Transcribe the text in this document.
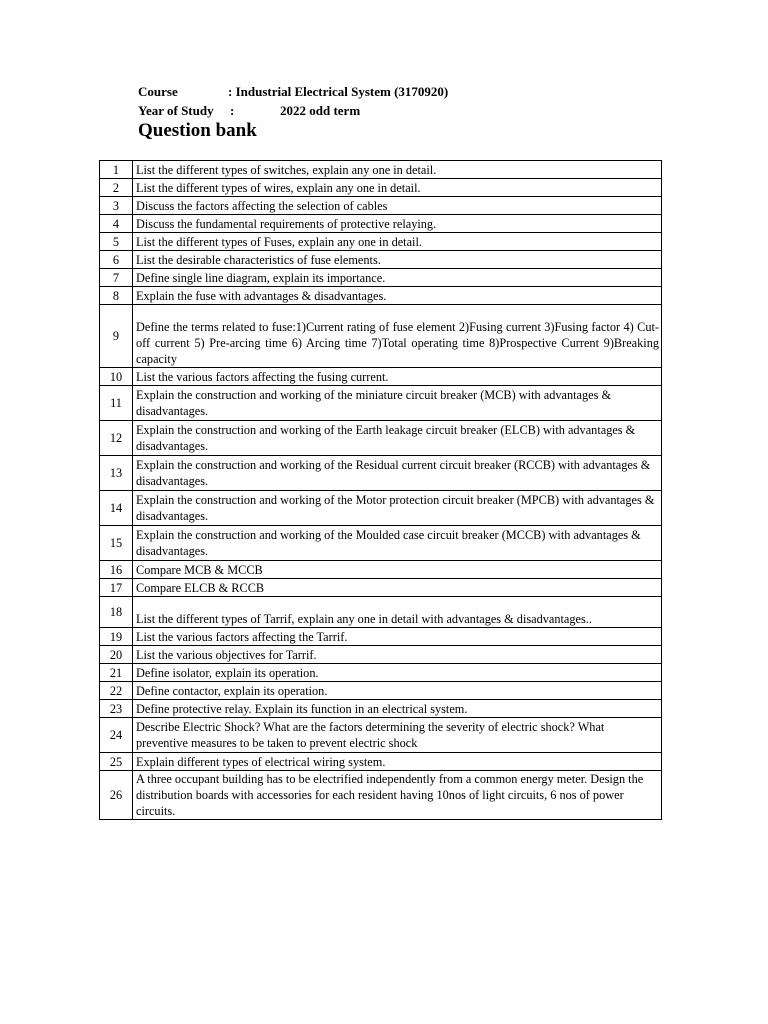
Course	: Industrial Electrical System (3170920)
Year of Study :	2022 odd term
Question bank
1	List the different types of switches, explain any one in detail.
2	List the different types of wires, explain any one in detail.
3	Discuss the factors affecting the selection of cables
4	Discuss the fundamental requirements of protective relaying.
5	List the different types of Fuses, explain any one in detail.
6	List the desirable characteristics of fuse elements.
7	Define single line diagram, explain its importance.
8	Explain the fuse with advantages & disadvantages.
9	Define the terms related to fuse:1)Current rating of fuse element 2)Fusing current 3)Fusing factor 4) Cut-off current 5) Pre-arcing time 6) Arcing time 7)Total operating time 8)Prospective Current 9)Breaking capacity
10	List the various factors affecting the fusing current.
11	Explain the construction and working of the miniature circuit breaker (MCB) with advantages & disadvantages.
12	Explain the construction and working of the Earth leakage circuit breaker (ELCB) with advantages & disadvantages.
13	Explain the construction and working of the Residual current circuit breaker (RCCB) with advantages & disadvantages.
14	Explain the construction and working of the Motor protection circuit breaker (MPCB) with advantages & disadvantages.
15	Explain the construction and working of the Moulded case circuit breaker (MCCB) with advantages & disadvantages.
16	Compare MCB & MCCB
17	Compare ELCB & RCCB
18	List the different types of Tarrif, explain any one in detail with advantages & disadvantages..
19	List the various factors affecting the Tarrif.
20	List the various objectives for Tarrif.
21	Define isolator, explain its operation.
22	Define contactor, explain its operation.
23	Define protective relay. Explain its function in an electrical system.
24	Describe Electric Shock? What are the factors determining the severity of electric shock? What preventive measures to be taken to prevent electric shock
25	Explain different types of electrical wiring system.
26	A three occupant building has to be electrified independently from a common energy meter. Design the distribution boards with accessories for each resident having 10nos of light circuits, 6 nos of power circuits.
